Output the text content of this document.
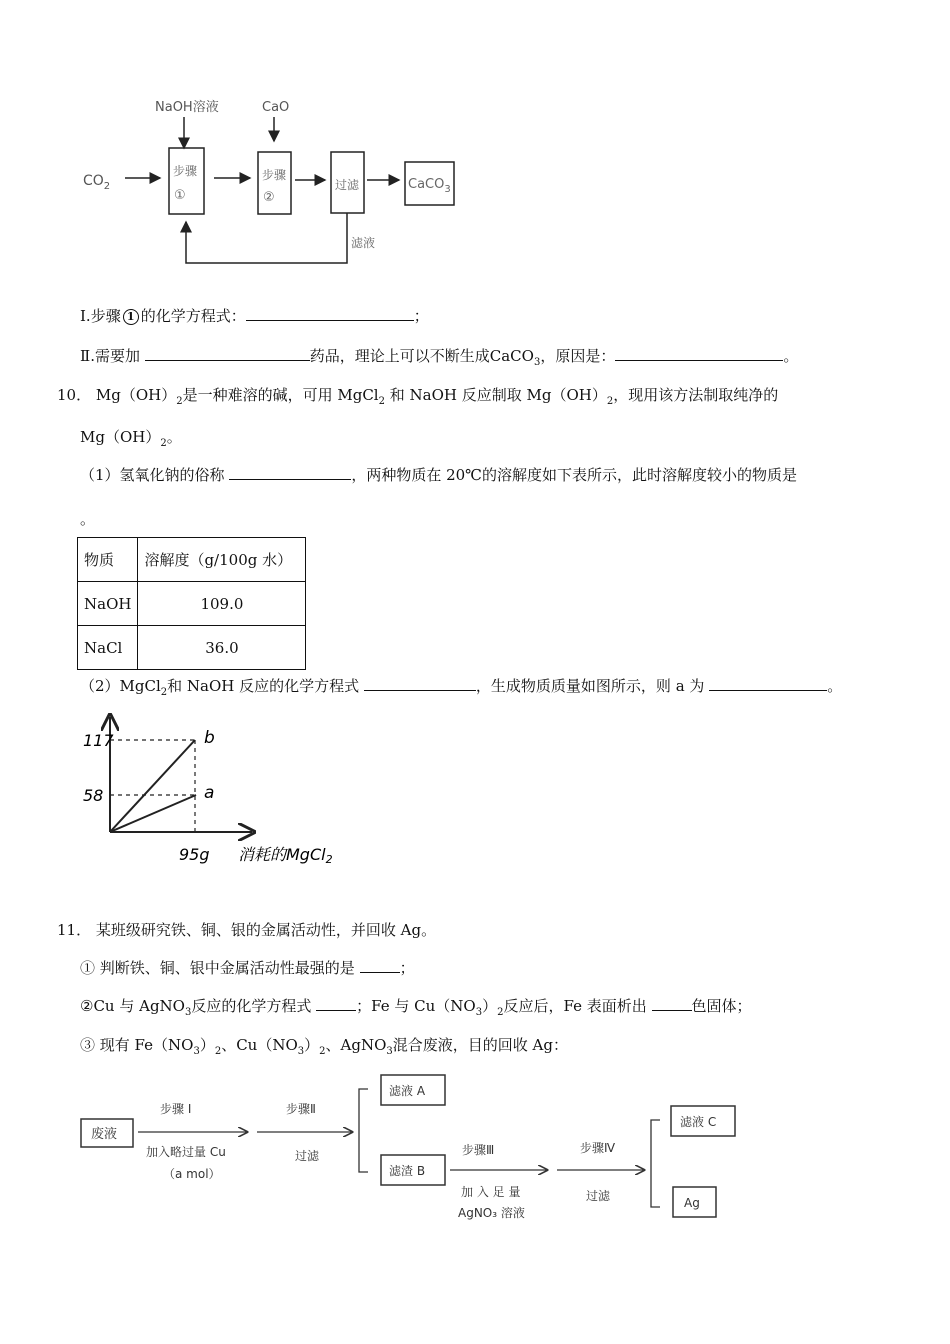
NaOH溶液	CaO
$CO_2$
步骤
①
步骤
②
过滤	CaCO$_3$
滤液
Ⅰ.步骤 1 的化学方程式：	；
Ⅱ.需要加	药品，理论上可以不断生成CaCO$_3$，原因是：	。
10． $Mg(OH)_2$是一种难溶的碱，可用 MgCl$_2$ 和 NaOH 反应制取 $Mg(OH)_2$，现用该方法制取纯净的
$Mg(OH)_2$。
（1）氢氧化钠的俗称	，两种物质在 20℃的溶解度如下表所示，此时溶解度较小的物质是
。
物质	溶解度（g/100g 水）
NaOH	109.0
NaCl	36.0
（2）MgCl$_2$和 NaOH 反应的化学方程式	，生成物质质量如图所示，则 a 为	。
117
58
b
a
95g 消耗的MgCl2
11． 某班级研究铁、铜、银的金属活动性，并回收 Ag。
① 判断铁、铜、银中金属活动性最强的是	；
②Cu 与 AgNO$_3$反应的化学方程式	；Fe 与 $Cu(NO_3)_2$反应后，Fe 表面析出	色固体；
③ 现有 $Fe(NO_3)_2$、$Cu(NO_3)_2$、AgNO$_3$混合废液，目的回收 Ag：
废液
步骤 I
加入略过量 Cu
（a mol）
步骤Ⅱ
过滤
滤液 A
滤渣 B
步骤Ⅲ
加 入 足 量
AgNO₃ 溶液
步骤Ⅳ
过滤
滤液 C
Ag
